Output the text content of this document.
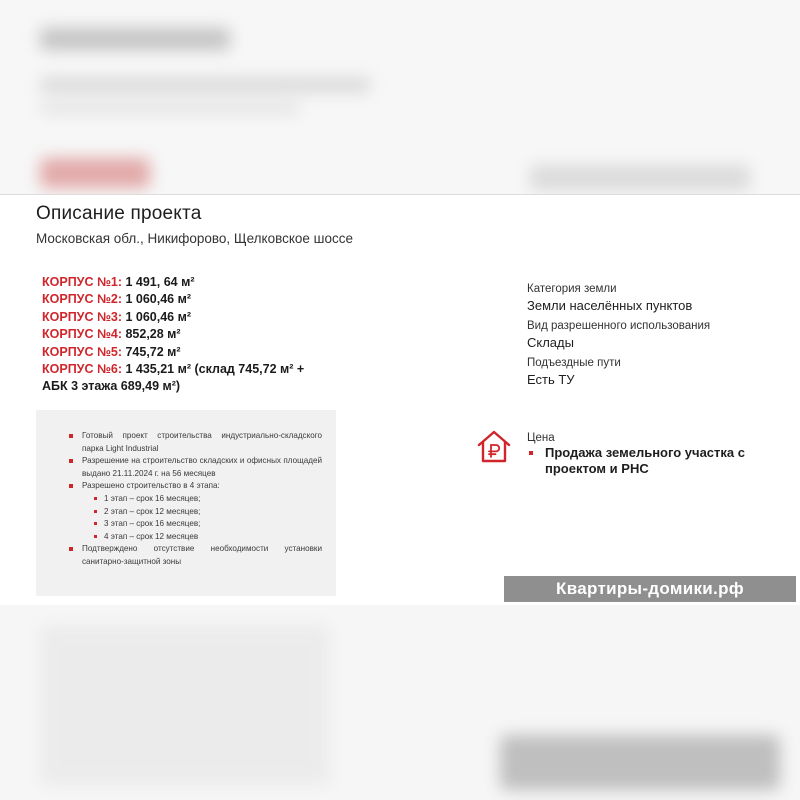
Описание проекта
Московская обл., Никифорово, Щелковское шоссе
КОРПУС №1: 1 491, 64 м²
КОРПУС №2: 1 060,46 м²
КОРПУС №3: 1 060,46 м²
КОРПУС №4: 852,28 м²
КОРПУС №5: 745,72 м²
КОРПУС №6: 1 435,21 м² (склад 745,72 м² +
АБК 3 этажа 689,49 м²)
Готовый проект строительства индустриально-складского парка Light Industrial
Разрешение на строительство складских и офисных площадей выдано 21.11.2024 г. на 56 месяцев
Разрешено строительство в 4 этапа:
1 этап – срок 16 месяцев;
2 этап – срок 12 месяцев;
3 этап – срок 16 месяцев;
4 этап – срок 12 месяцев
Подтверждено отсутствие необходимости установки санитарно-защитной зоны
Категория земли
Земли населённых пунктов
Вид разрешенного использования
Склады
Подъездные пути
Есть ТУ
Цена
Продажа земельного участка с проектом и РНС
Квартиры-домики.рф
